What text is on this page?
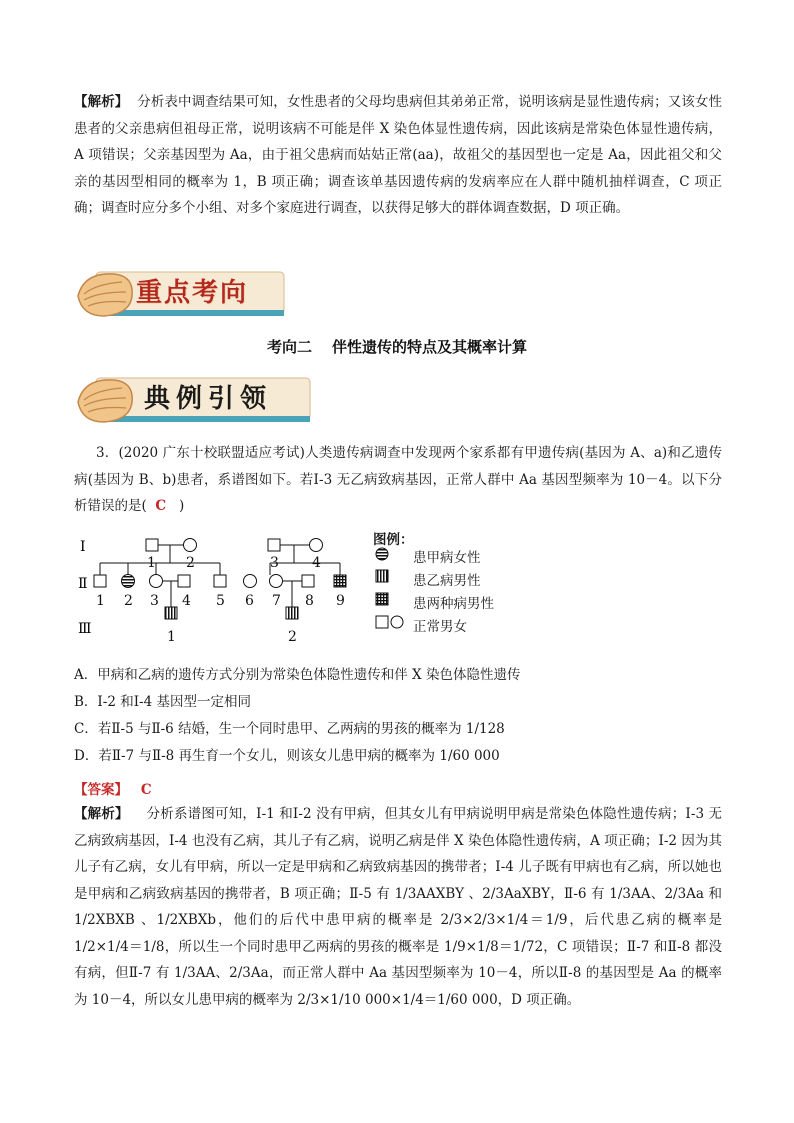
【解析】 分析表中调查结果可知，女性患者的父母均患病但其弟弟正常，说明该病是显性遗传病；又该女性患者的父亲患病但祖母正常，说明该病不可能是伴 X 染色体显性遗传病，因此该病是常染色体显性遗传病，A 项错误；父亲基因型为 Aa，由于祖父患病而姑姑正常(aa)，故祖父的基因型也一定是 Aa，因此祖父和父亲的基因型相同的概率为 1，B 项正确；调查该单基因遗传病的发病率应在人群中随机抽样调查，C 项正确；调查时应分多个小组、对多个家庭进行调查，以获得足够大的群体调查数据，D 项正确。

重点考向
考向二 伴性遗传的特点及其概率计算
典例引领

3．(2020 广东十校联盟适应考试)人类遗传病调查中发现两个家系都有甲遗传病(基因为 A、a)和乙遗传病(基因为 B、b)患者，系谱图如下。若Ⅰ-3 无乙病致病基因，正常人群中 Aa 基因型频率为 10－4。以下分析错误的是( C )

Ⅰ
Ⅱ
Ⅲ
1 2	3 4
1 2 3 4 5 6 7 8 9
1	2
图例：
患甲病女性
患乙病男性
患两种病男性
正常男女
A．甲病和乙病的遗传方式分别为常染色体隐性遗传和伴 X 染色体隐性遗传
B．Ⅰ-2 和Ⅰ-4 基因型一定相同
C．若Ⅱ-5 与Ⅱ-6 结婚，生一个同时患甲、乙两病的男孩的概率为 1/128
D．若Ⅱ-7 与Ⅱ-8 再生育一个女儿，则该女儿患甲病的概率为 1/60 000
【答案】 C

【解析】 分析系谱图可知，Ⅰ-1 和Ⅰ-2 没有甲病，但其女儿有甲病说明甲病是常染色体隐性遗传病；Ⅰ-3 无乙病致病基因，Ⅰ-4 也没有乙病，其儿子有乙病，说明乙病是伴 X 染色体隐性遗传病，A 项正确；Ⅰ-2 因为其儿子有乙病，女儿有甲病，所以一定是甲病和乙病致病基因的携带者；Ⅰ-4 儿子既有甲病也有乙病，所以她也是甲病和乙病致病基因的携带者，B 项正确；Ⅱ-5 有 1/3AAXBY 、2/3AaXBY，Ⅱ-6 有 1/3AA、2/3Aa 和 1/2XBXB 、1/2XBXb，他们的后代中患甲病的概率是 2/3×2/3×1/4＝1/9，后代患乙病的概率是 1/2×1/4＝1/8，所以生一个同时患甲乙两病的男孩的概率是 1/9×1/8＝1/72，C 项错误；Ⅱ-7 和Ⅱ-8 都没有病，但Ⅱ-7 有 1/3AA、2/3Aa，而正常人群中 Aa 基因型频率为 10－4，所以Ⅱ-8 的基因型是 Aa 的概率为 10－4，所以女儿患甲病的概率为 2/3×1/10 000×1/4＝1/60 000，D 项正确。
